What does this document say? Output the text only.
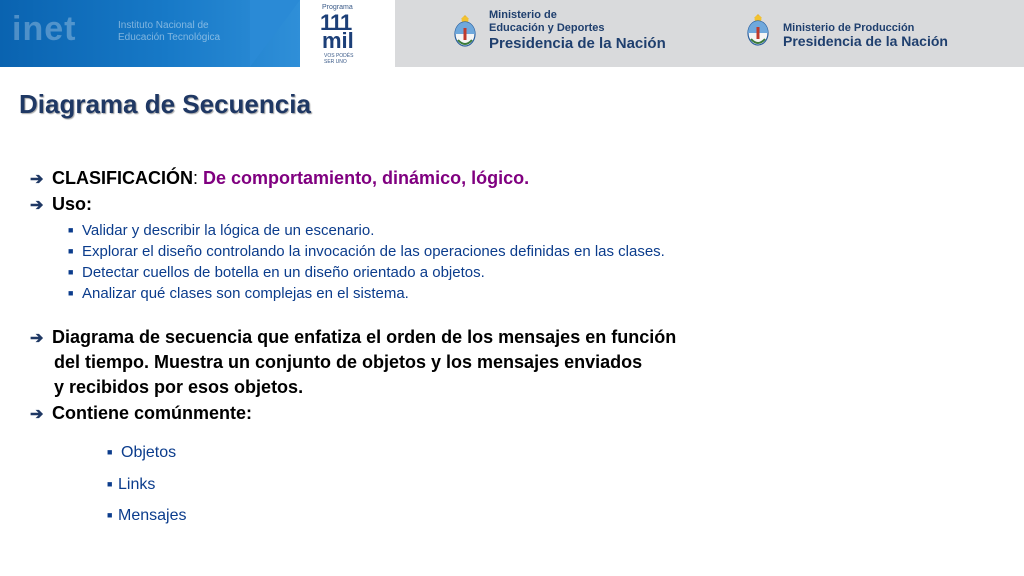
inet	Instituto Nacional de
Educación Tecnológica
Programa
111
mil
VOS PODÉS
SER UNO
Ministerio de
Educación y Deportes
Presidencia de la Nación
Ministerio de Producción
Presidencia de la Nación
Diagrama de Secuencia
➔ CLASIFICACIÓN: De comportamiento, dinámico, lógico.
➔ Uso:
■ Validar y describir la lógica de un escenario.
■ Explorar el diseño controlando la invocación de las operaciones definidas en las clases.
■ Detectar cuellos de botella en un diseño orientado a objetos.
■ Analizar qué clases son complejas en el sistema.
➔ Diagrama de secuencia que enfatiza el orden de los mensajes en función
del tiempo. Muestra un conjunto de objetos y los mensajes enviados
y recibidos por esos objetos.
➔ Contiene comúnmente:
■ Objetos
■ Links
■ Mensajes
